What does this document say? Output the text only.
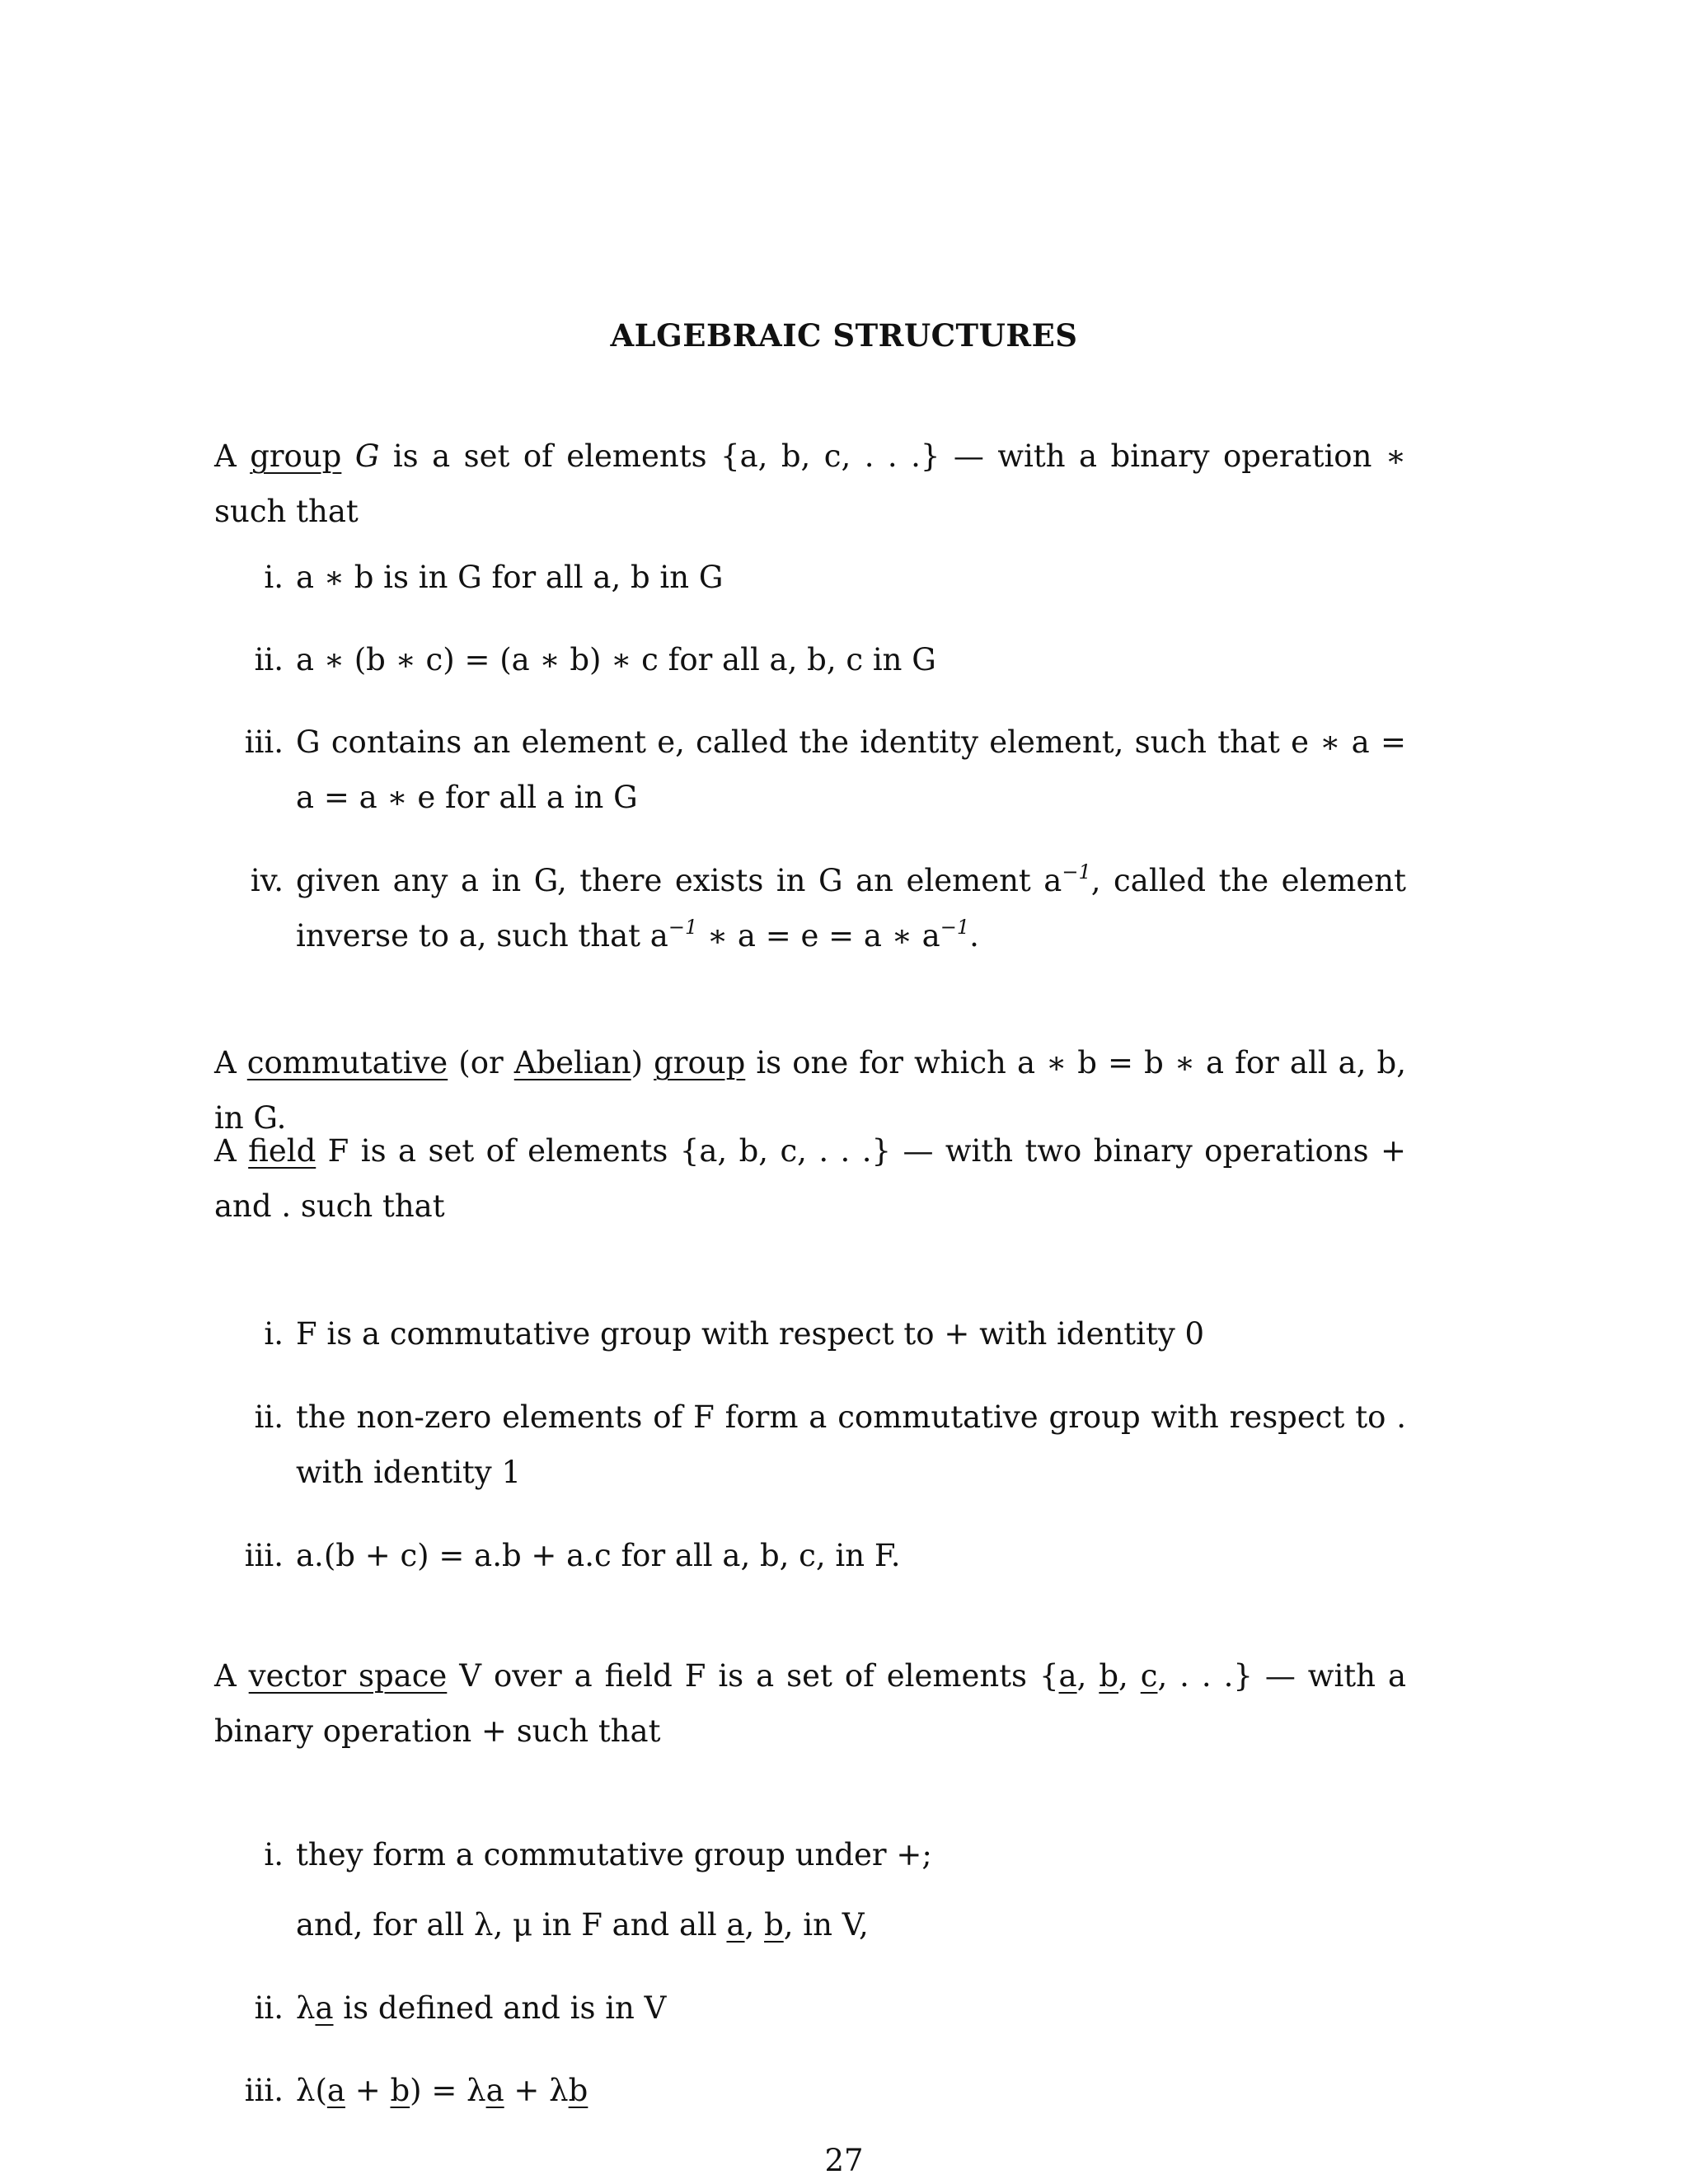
ALGEBRAIC STRUCTURES
A group G is a set of elements {a, b, c, . . .} — with a binary operation ∗ such that
i. a ∗ b is in G for all a, b in G
ii. a ∗ (b ∗ c) = (a ∗ b) ∗ c for all a, b, c in G
iii. G contains an element e, called the identity element, such that e ∗ a = a = a ∗ e for all a in G
iv. given any a in G, there exists in G an element $a^{-1}$, called the element inverse to a, such that $a^{-1}$ ∗ a = e = a ∗ $a^{-1}$.
A commutative (or Abelian) group is one for which a ∗ b = b ∗ a for all a, b, in G.
A field F is a set of elements {a, b, c, . . .} — with two binary operations + and . such that
i. F is a commutative group with respect to + with identity 0
ii. the non-zero elements of F form a commutative group with respect to . with identity 1
iii. a.(b + c) = a.b + a.c for all a, b, c, in F.
A vector space V over a field F is a set of elements {a, b, c, . . .} — with a binary operation + such that
i. they form a commutative group under +;
and, for all λ, μ in F and all a, b, in V,
ii. λa is defined and is in V
iii. λ(a + b) = λa + λb
27
